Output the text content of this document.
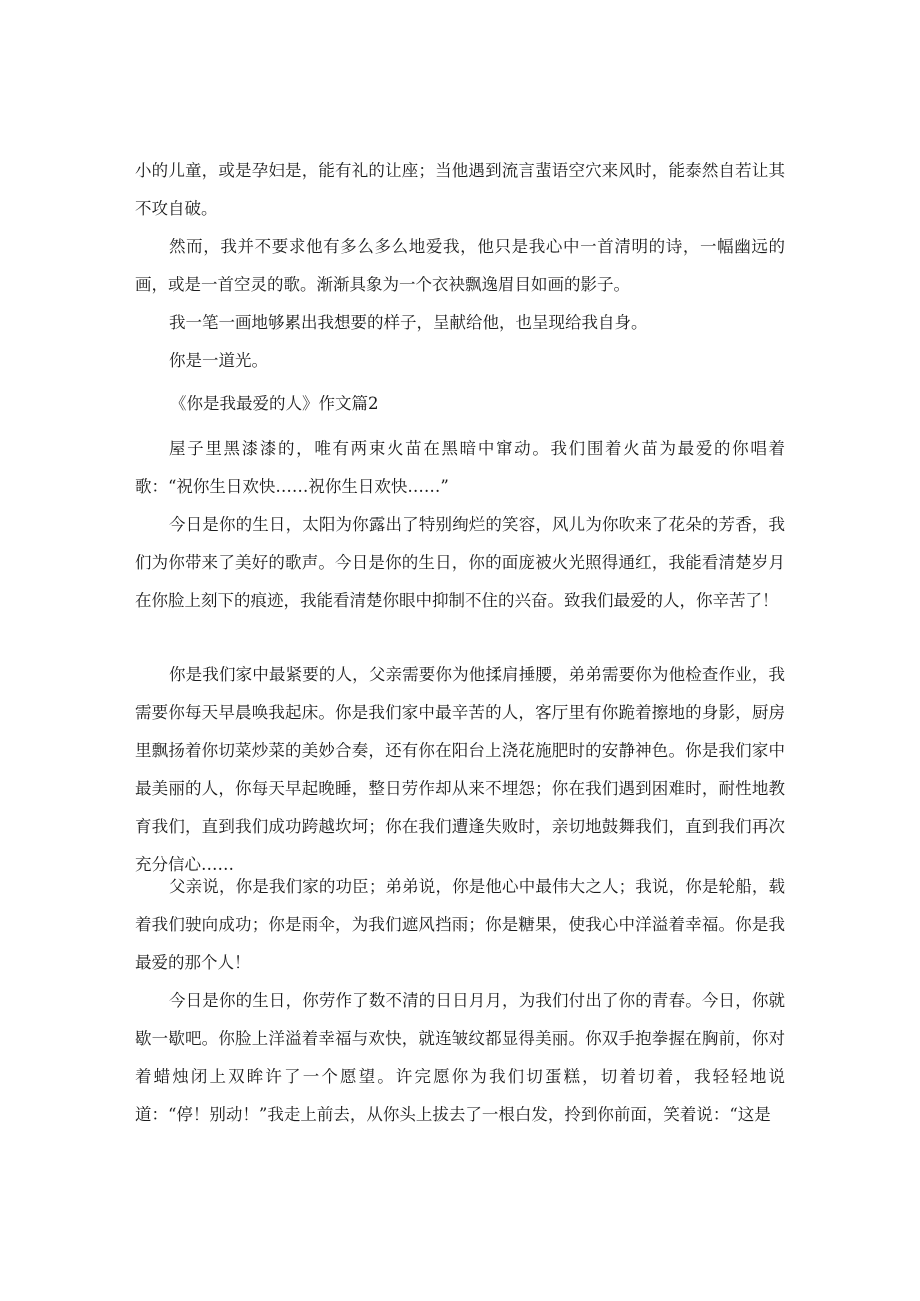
小的儿童，或是孕妇是，能有礼的让座；当他遇到流言蜚语空穴来风时，能泰然自若让其不攻自破。

然而，我并不要求他有多么多么地爱我，他只是我心中一首清明的诗，一幅幽远的画，或是一首空灵的歌。渐渐具象为一个衣袂飘逸眉目如画的影子。

我一笔一画地够累出我想要的样子，呈献给他，也呈现给我自身。

你是一道光。

《你是我最爱的人》作文篇2

屋子里黑漆漆的，唯有两束火苗在黑暗中窜动。我们围着火苗为最爱的你唱着歌：“祝你生日欢快……祝你生日欢快……”

今日是你的生日，太阳为你露出了特别绚烂的笑容，风儿为你吹来了花朵的芳香，我们为你带来了美好的歌声。今日是你的生日，你的面庞被火光照得通红，我能看清楚岁月在你脸上刻下的痕迹，我能看清楚你眼中抑制不住的兴奋。致我们最爱的人，你辛苦了！

你是我们家中最紧要的人，父亲需要你为他揉肩捶腰，弟弟需要你为他检查作业，我需要你每天早晨唤我起床。你是我们家中最辛苦的人，客厅里有你跪着擦地的身影，厨房里飘扬着你切菜炒菜的美妙合奏，还有你在阳台上浇花施肥时的安静神色。你是我们家中最美丽的人，你每天早起晚睡，整日劳作却从来不埋怨；你在我们遇到困难时，耐性地教育我们，直到我们成功跨越坎坷；你在我们遭逢失败时，亲切地鼓舞我们，直到我们再次充分信心……

父亲说，你是我们家的功臣；弟弟说，你是他心中最伟大之人；我说，你是轮船，载着我们驶向成功；你是雨伞，为我们遮风挡雨；你是糖果，使我心中洋溢着幸福。你是我最爱的那个人！

今日是你的生日，你劳作了数不清的日日月月，为我们付出了你的青春。今日，你就歇一歇吧。你脸上洋溢着幸福与欢快，就连皱纹都显得美丽。你双手抱拳握在胸前，你对着蜡烛闭上双眸许了一个愿望。许完愿你为我们切蛋糕，切着切着，我轻轻地说道：“停！别动！”我走上前去，从你头上拔去了一根白发，拎到你前面，笑着说：“这是
